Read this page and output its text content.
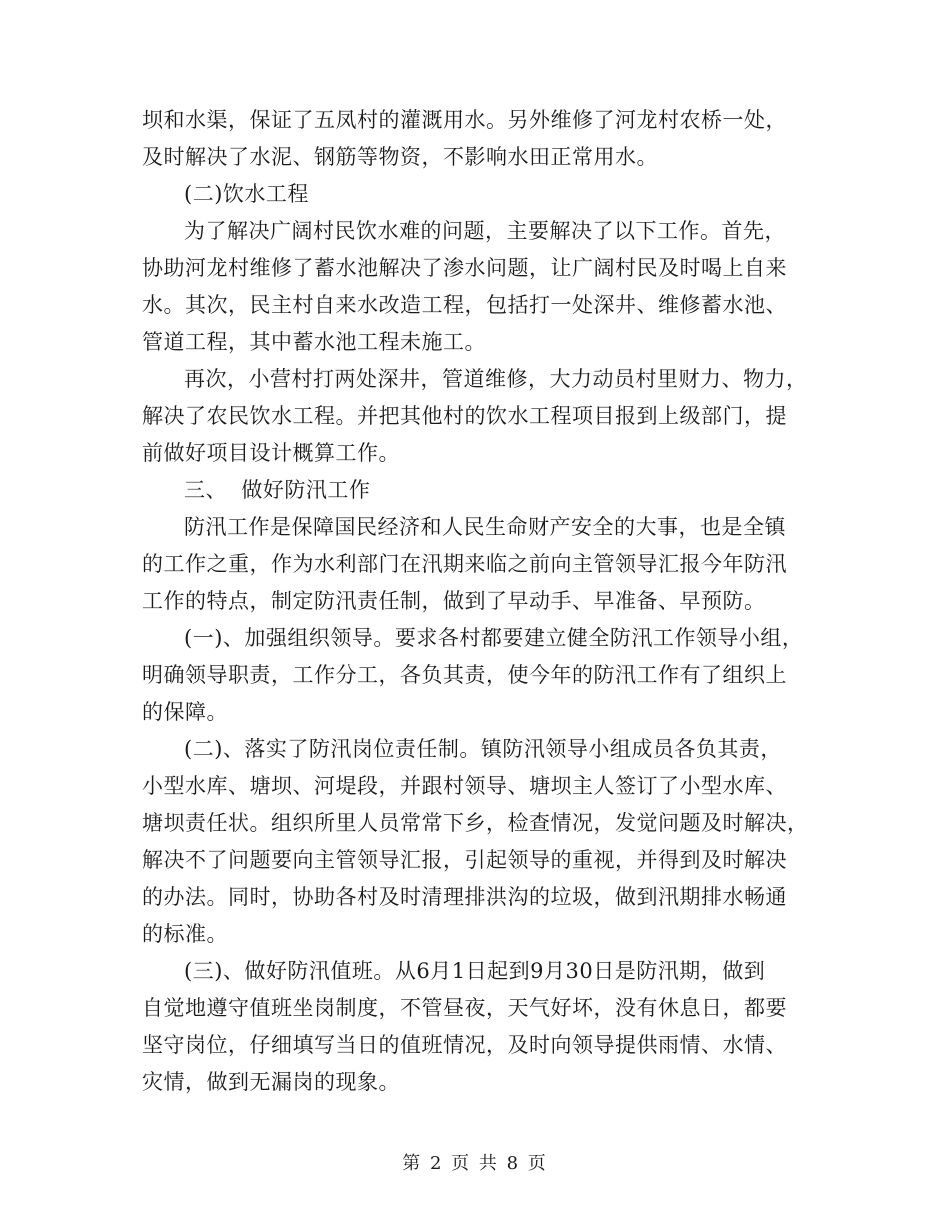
坝和水渠，保证了五凤村的灌溉用水。另外维修了河龙村农桥一处，
及时解决了水泥、钢筋等物资，不影响水田正常用水。
(二)饮水工程
为了解决广阔村民饮水难的问题，主要解决了以下工作。首先，
协助河龙村维修了蓄水池解决了渗水问题，让广阔村民及时喝上自来
水。其次，民主村自来水改造工程，包括打一处深井、维修蓄水池、
管道工程，其中蓄水池工程未施工。
再次，小营村打两处深井，管道维修，大力动员村里财力、物力，
解决了农民饮水工程。并把其他村的饮水工程项目报到上级部门，提
前做好项目设计概算工作。
三、  做好防汛工作
防汛工作是保障国民经济和人民生命财产安全的大事，也是全镇
的工作之重，作为水利部门在汛期来临之前向主管领导汇报今年防汛
工作的特点，制定防汛责任制，做到了早动手、早准备、早预防。
(一)、加强组织领导。要求各村都要建立健全防汛工作领导小组，
明确领导职责，工作分工，各负其责，使今年的防汛工作有了组织上
的保障。
(二)、落实了防汛岗位责任制。镇防汛领导小组成员各负其责，
小型水库、塘坝、河堤段，并跟村领导、塘坝主人签订了小型水库、
塘坝责任状。组织所里人员常常下乡，检查情况，发觉问题及时解决，
解决不了问题要向主管领导汇报，引起领导的重视，并得到及时解决
的办法。同时，协助各村及时清理排洪沟的垃圾，做到汛期排水畅通
的标准。
(三)、做好防汛值班。从6月1日起到9月30日是防汛期，做到
自觉地遵守值班坐岗制度，不管昼夜，天气好坏，没有休息日，都要
坚守岗位，仔细填写当日的值班情况，及时向领导提供雨情、水情、
灾情，做到无漏岗的现象。
第 2 页 共 8 页
